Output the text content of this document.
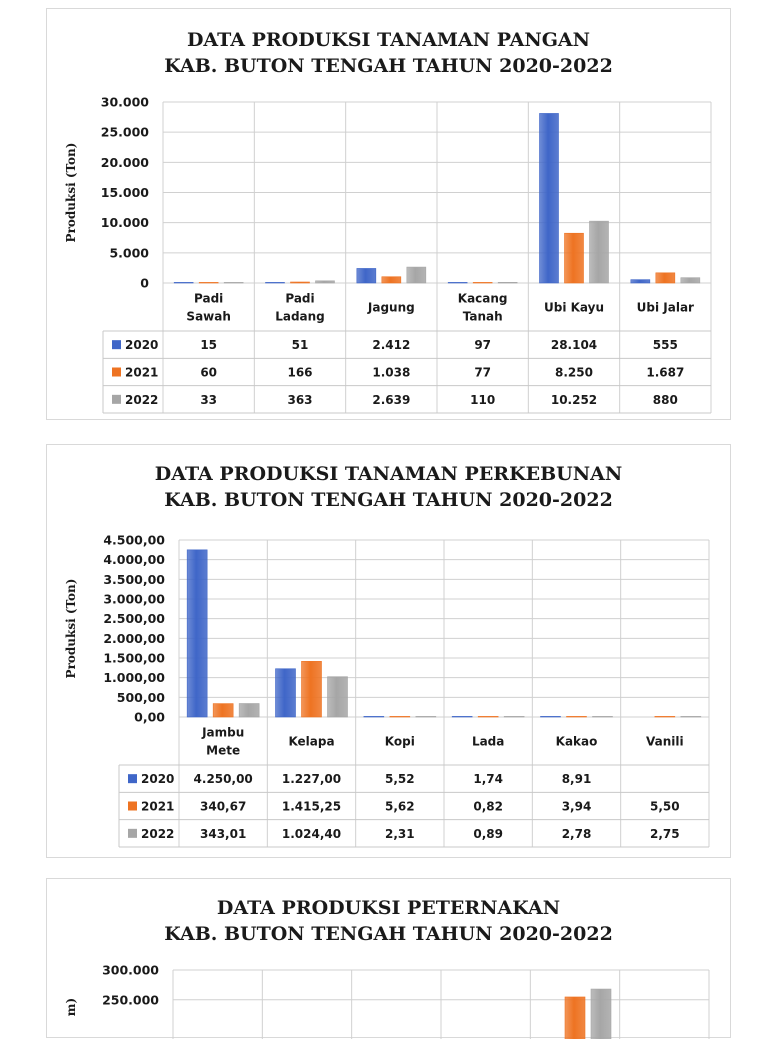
DATA PRODUKSI TANAMAN PANGAN
KAB. BUTON TENGAH TAHUN 2020-2022
30.000
25.000
20.000
15.000
10.000
5.000
0
Padi
Sawah
Padi
Ladang
Jagung
Kacang
Tanah
Ubi Kayu	Ubi Jalar
2020	15	51	2.412	97	28.104	555
2021	60	166	1.038	77	8.250	1.687
2022	33	363	2.639	110	10.252	880
Produksi (Ton)
DATA PRODUKSI TANAMAN PERKEBUNAN
KAB. BUTON TENGAH TAHUN 2020-2022
4.500,00
4.000,00
3.500,00
3.000,00
2.500,00
2.000,00
1.500,00
1.000,00
500,00
0,00
Jambu
Mete
Kelapa	Kopi	Lada	Kakao	Vanili
2020 4.250,00 1.227,00	5,52	1,74	8,91
2021 340,67	1.415,25	5,62	0,82	3,94	5,50
2022 343,01	1.024,40	2,31	0,89	2,78	2,75
Produksi (Ton)
DATA PRODUKSI PETERNAKAN
KAB. BUTON TENGAH TAHUN 2020-2022
300.000
250.000
m)
